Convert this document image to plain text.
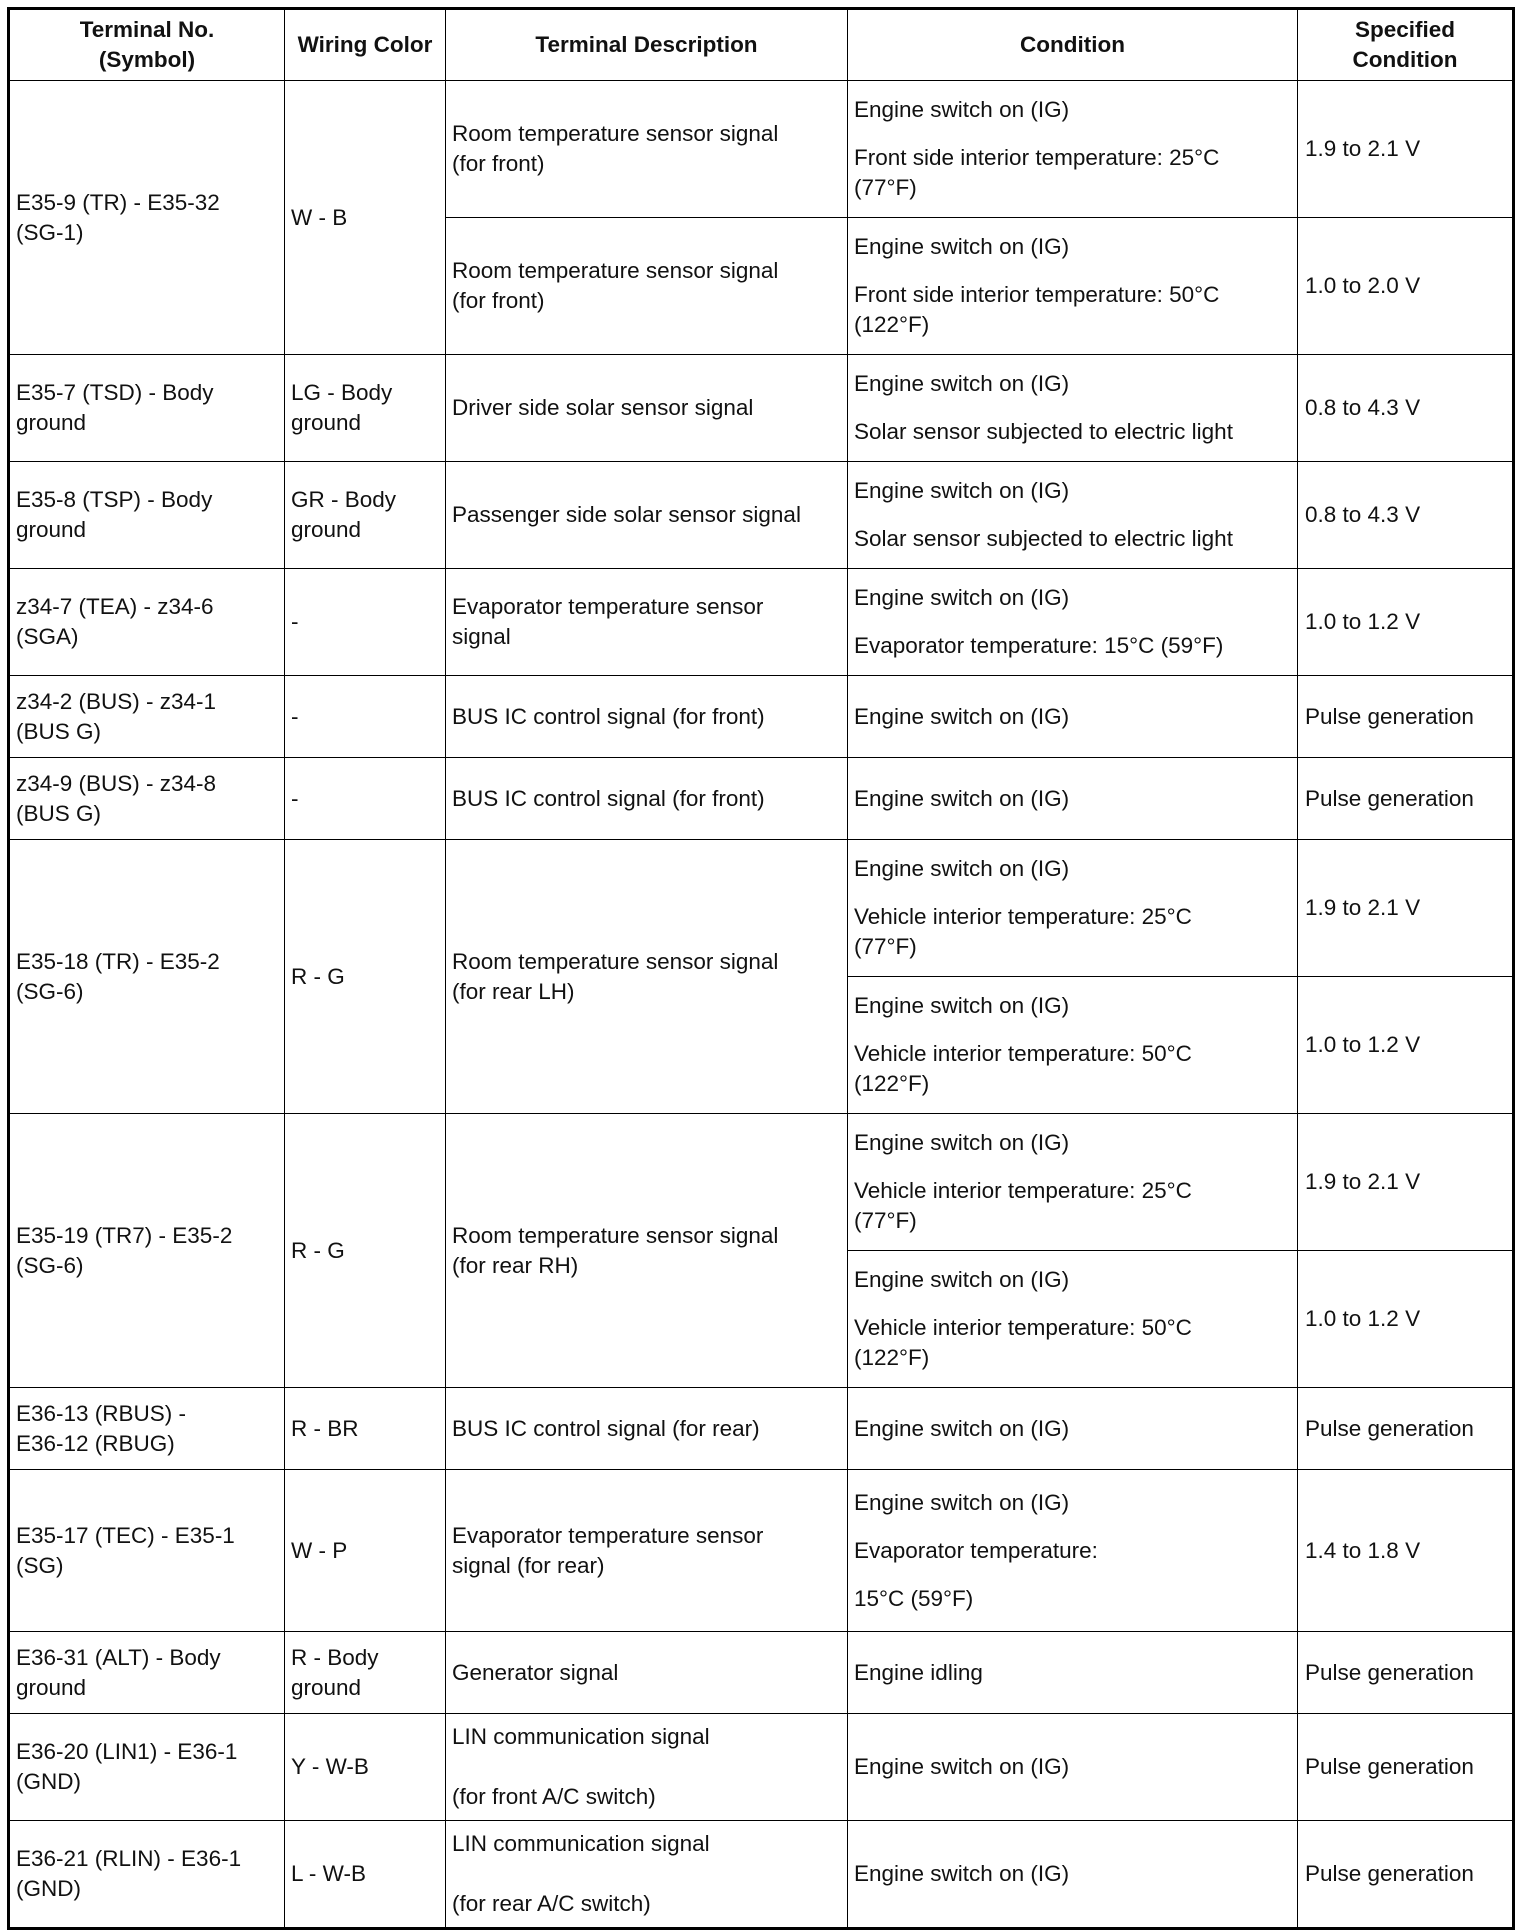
Terminal No.
(Symbol)	Wiring Color	Terminal Description	Condition	Specified
Condition
E35-9 (TR) - E35-32
(SG-1)	W - B	Room temperature sensor signal
(for front)	Engine switch on (IG)
Front side interior temperature: 25°C
(77°F)	1.9 to 2.1 V
		Room temperature sensor signal
(for front)	Engine switch on (IG)
Front side interior temperature: 50°C
(122°F)	1.0 to 2.0 V
E35-7 (TSD) - Body
ground	LG - Body
ground	Driver side solar sensor signal	Engine switch on (IG)
Solar sensor subjected to electric light	0.8 to 4.3 V
E35-8 (TSP) - Body
ground	GR - Body
ground	Passenger side solar sensor signal	Engine switch on (IG)
Solar sensor subjected to electric light	0.8 to 4.3 V
z34-7 (TEA) - z34-6
(SGA)	-	Evaporator temperature sensor
signal	Engine switch on (IG)
Evaporator temperature: 15°C (59°F)	1.0 to 1.2 V
z34-2 (BUS) - z34-1
(BUS G)	-	BUS IC control signal (for front)	Engine switch on (IG)	Pulse generation
z34-9 (BUS) - z34-8
(BUS G)	-	BUS IC control signal (for front)	Engine switch on (IG)	Pulse generation
E35-18 (TR) - E35-2
(SG-6)	R - G	Room temperature sensor signal
(for rear LH)	Engine switch on (IG)
Vehicle interior temperature: 25°C
(77°F)	1.9 to 2.1 V

			Engine switch on (IG)
Vehicle interior temperature: 50°C
(122°F)	1.0 to 1.2 V
E35-19 (TR7) - E35-2
(SG-6)	R - G	Room temperature sensor signal
(for rear RH)	Engine switch on (IG)
Vehicle interior temperature: 25°C
(77°F)	1.9 to 2.1 V

			Engine switch on (IG)
Vehicle interior temperature: 50°C
(122°F)	1.0 to 1.2 V
E36-13 (RBUS) -
E36-12 (RBUG)	R - BR	BUS IC control signal (for rear)	Engine switch on (IG)	Pulse generation
E35-17 (TEC) - E35-1
(SG)	W - P	Evaporator temperature sensor
signal (for rear)	Engine switch on (IG)
Evaporator temperature:
15°C (59°F)	1.4 to 1.8 V
E36-31 (ALT) - Body
ground	R - Body
ground	Generator signal	Engine idling	Pulse generation
E36-20 (LIN1) - E36-1
(GND)	Y - W-B	LIN communication signal

(for front A/C switch)	Engine switch on (IG)	Pulse generation
E36-21 (RLIN) - E36-1
(GND)	L - W-B	LIN communication signal

(for rear A/C switch)	Engine switch on (IG)	Pulse generation
